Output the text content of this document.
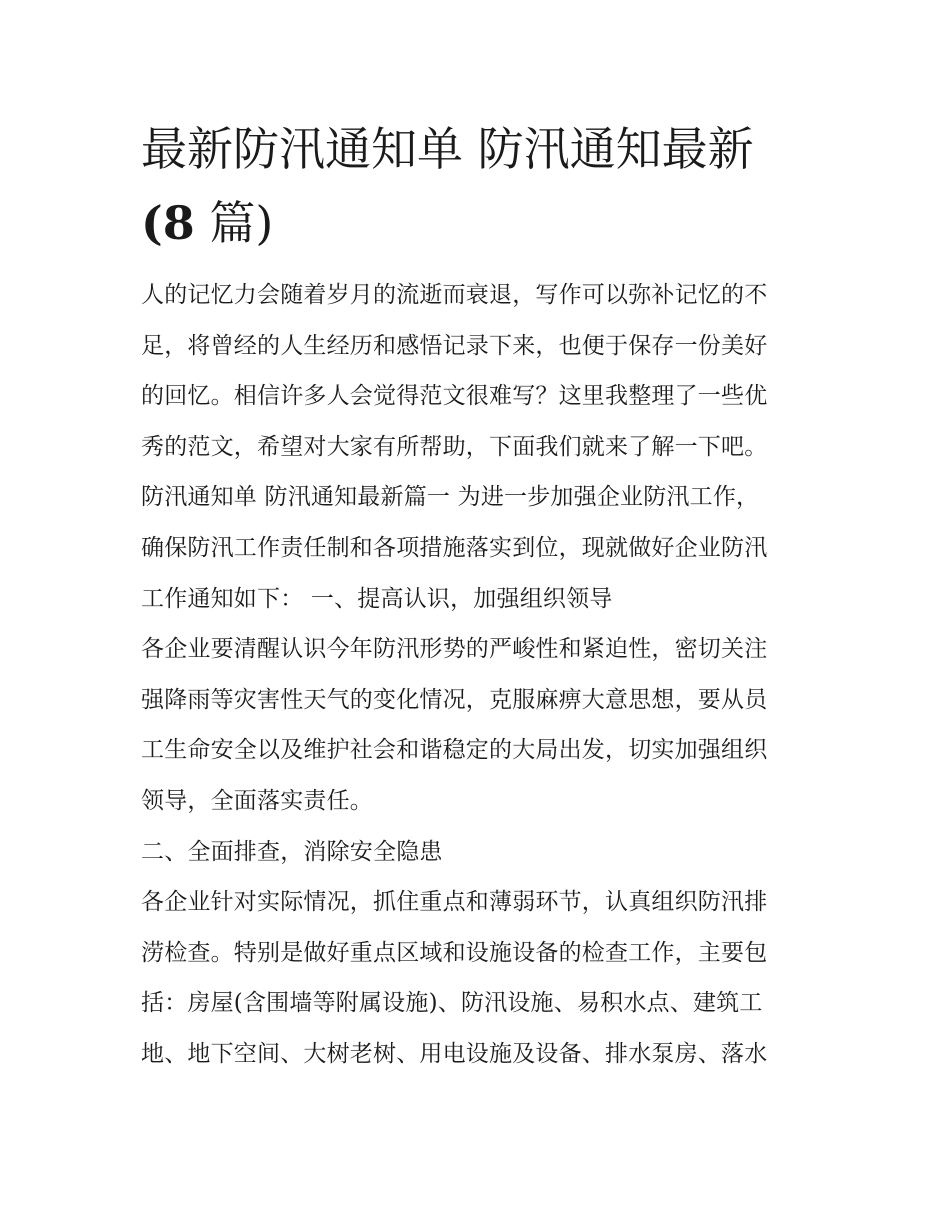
最新防汛通知单 防汛通知最新
(8 篇)

人的记忆力会随着岁月的流逝而衰退，写作可以弥补记忆的不

足，将曾经的人生经历和感悟记录下来，也便于保存一份美好

的回忆。相信许多人会觉得范文很难写？这里我整理了一些优

秀的范文，希望对大家有所帮助，下面我们就来了解一下吧。

防汛通知单 防汛通知最新篇一 为进一步加强企业防汛工作，

确保防汛工作责任制和各项措施落实到位，现就做好企业防汛

工作通知如下： 一、提高认识，加强组织领导

各企业要清醒认识今年防汛形势的严峻性和紧迫性，密切关注

强降雨等灾害性天气的变化情况，克服麻痹大意思想，要从员

工生命安全以及维护社会和谐稳定的大局出发，切实加强组织

领导，全面落实责任。

二、全面排查，消除安全隐患

各企业针对实际情况，抓住重点和薄弱环节，认真组织防汛排

涝检查。特别是做好重点区域和设施设备的检查工作，主要包

括：房屋(含围墙等附属设施)、防汛设施、易积水点、建筑工

地、地下空间、大树老树、用电设施及设备、排水泵房、落水
